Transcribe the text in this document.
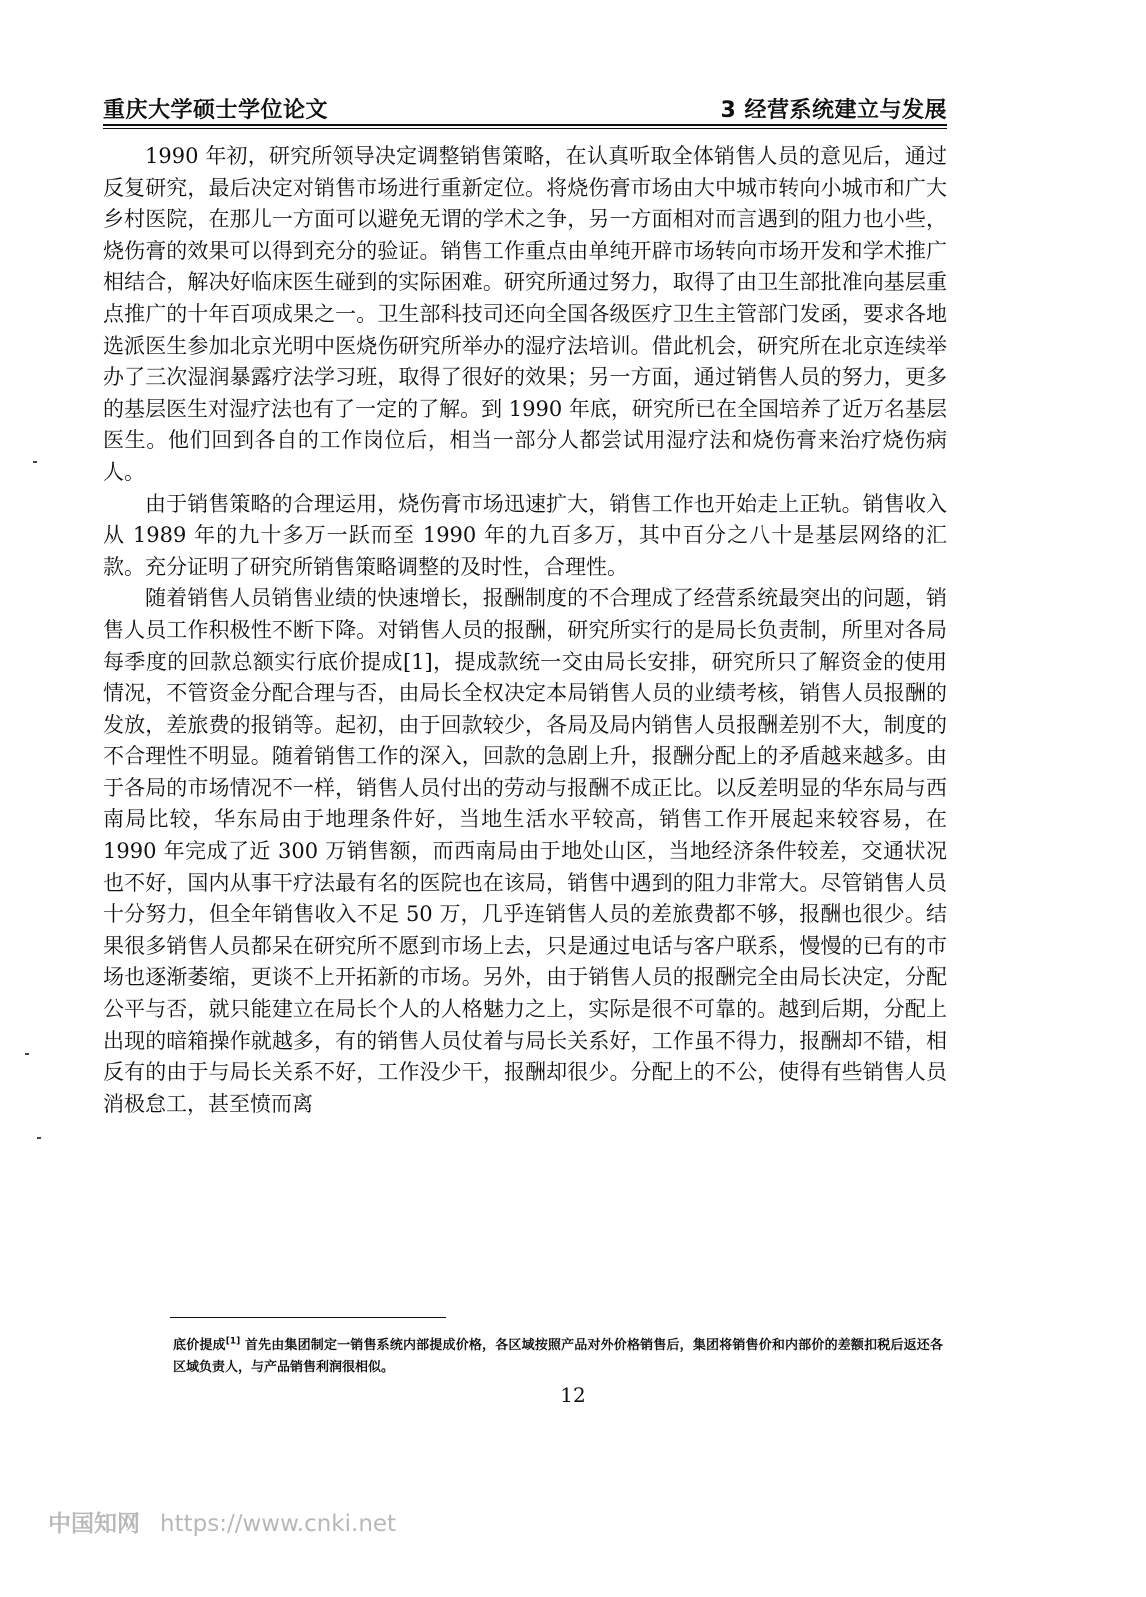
重庆大学硕士学位论文	3 经营系统建立与发展

1990 年初，研究所领导决定调整销售策略，在认真听取全体销售人员的意见后，通过反复研究，最后决定对销售市场进行重新定位。将烧伤膏市场由大中城市转向小城市和广大乡村医院，在那儿一方面可以避免无谓的学术之争，另一方面相对而言遇到的阻力也小些，烧伤膏的效果可以得到充分的验证。销售工作重点由单纯开辟市场转向市场开发和学术推广相结合，解决好临床医生碰到的实际困难。研究所通过努力，取得了由卫生部批准向基层重点推广的十年百项成果之一。卫生部科技司还向全国各级医疗卫生主管部门发函，要求各地选派医生参加北京光明中医烧伤研究所举办的湿疗法培训。借此机会，研究所在北京连续举办了三次湿润暴露疗法学习班，取得了很好的效果；另一方面，通过销售人员的努力，更多的基层医生对湿疗法也有了一定的了解。到 1990 年底，研究所已在全国培养了近万名基层医生。他们回到各自的工作岗位后，相当一部分人都尝试用湿疗法和烧伤膏来治疗烧伤病人。

由于销售策略的合理运用，烧伤膏市场迅速扩大，销售工作也开始走上正轨。销售收入从 1989 年的九十多万一跃而至 1990 年的九百多万，其中百分之八十是基层网络的汇款。充分证明了研究所销售策略调整的及时性，合理性。

随着销售人员销售业绩的快速增长，报酬制度的不合理成了经营系统最突出的问题，销售人员工作积极性不断下降。对销售人员的报酬，研究所实行的是局长负责制，所里对各局每季度的回款总额实行底价提成[1]，提成款统一交由局长安排，研究所只了解资金的使用情况，不管资金分配合理与否，由局长全权决定本局销售人员的业绩考核，销售人员报酬的发放，差旅费的报销等。起初，由于回款较少，各局及局内销售人员报酬差别不大，制度的不合理性不明显。随着销售工作的深入，回款的急剧上升，报酬分配上的矛盾越来越多。由于各局的市场情况不一样，销售人员付出的劳动与报酬不成正比。以反差明显的华东局与西南局比较，华东局由于地理条件好，当地生活水平较高，销售工作开展起来较容易，在 1990 年完成了近 300 万销售额，而西南局由于地处山区，当地经济条件较差，交通状况也不好，国内从事干疗法最有名的医院也在该局，销售中遇到的阻力非常大。尽管销售人员十分努力，但全年销售收入不足 50 万，几乎连销售人员的差旅费都不够，报酬也很少。结果很多销售人员都呆在研究所不愿到市场上去，只是通过电话与客户联系，慢慢的已有的市场也逐渐萎缩，更谈不上开拓新的市场。另外，由于销售人员的报酬完全由局长决定，分配公平与否，就只能建立在局长个人的人格魅力之上，实际是很不可靠的。越到后期，分配上出现的暗箱操作就越多，有的销售人员仗着与局长关系好，工作虽不得力，报酬却不错，相反有的由于与局长关系不好，工作没少干，报酬却很少。分配上的不公，使得有些销售人员消极怠工，甚至愤而离

底价提成[1] 首先由集团制定一销售系统内部提成价格，各区域按照产品对外价格销售后，集团将销售价和内部价的差额扣税后返还各区域负责人，与产品销售利润很相似。
12
中国知网 https://www.cnki.net
